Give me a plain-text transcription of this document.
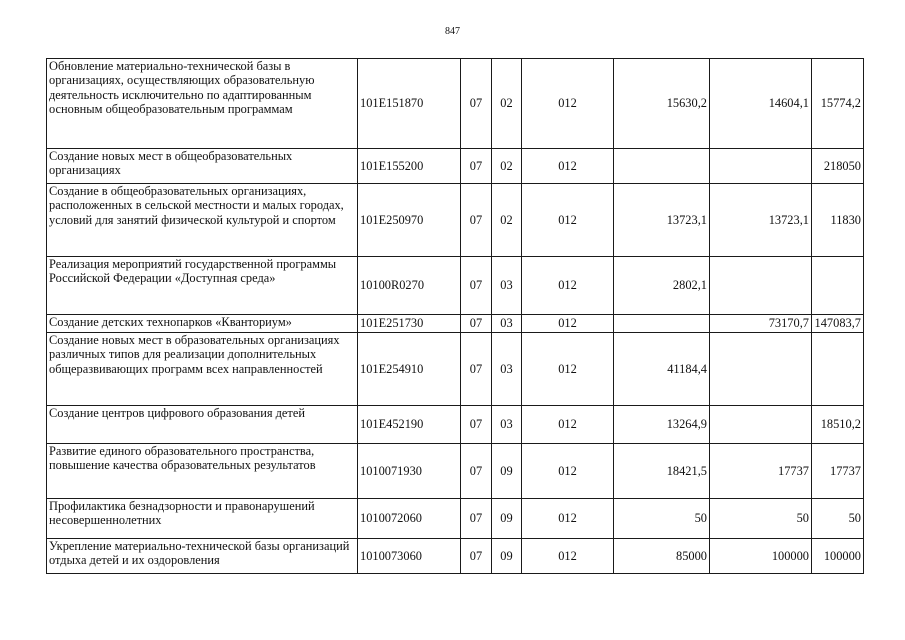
847
Обновление материально-технической базы в организациях, осуществляющих образовательную деятельность исключительно по адаптированным основным общеобразовательным программам	101E151870	07	02	012	15630,2	14604,1	15774,2
Создание новых мест в общеобразовательных организациях	101E155200	07	02	012			218050
Создание в общеобразовательных организациях, расположенных в сельской местности и малых городах, условий для занятий физической культурой и спортом	101E250970	07	02	012	13723,1	13723,1	11830
Реализация мероприятий государственной программы Российской Федерации «Доступная среда»	10100R0270	07	03	012	2802,1		
Создание детских технопарков «Кванториум»	101E251730	07	03	012		73170,7	147083,7
Создание новых мест в образовательных организациях различных типов для реализации дополнительных общеразвивающих программ всех направленностей	101E254910	07	03	012	41184,4		
Создание центров цифрового образования детей	101E452190	07	03	012	13264,9		18510,2
Развитие единого образовательного пространства, повышение качества образовательных результатов	1010071930	07	09	012	18421,5	17737	17737
Профилактика безнадзорности и правонарушений несовершеннолетних	1010072060	07	09	012	50	50	50
Укрепление материально-технической базы организаций отдыха детей и их оздоровления	1010073060	07	09	012	85000	100000	100000
